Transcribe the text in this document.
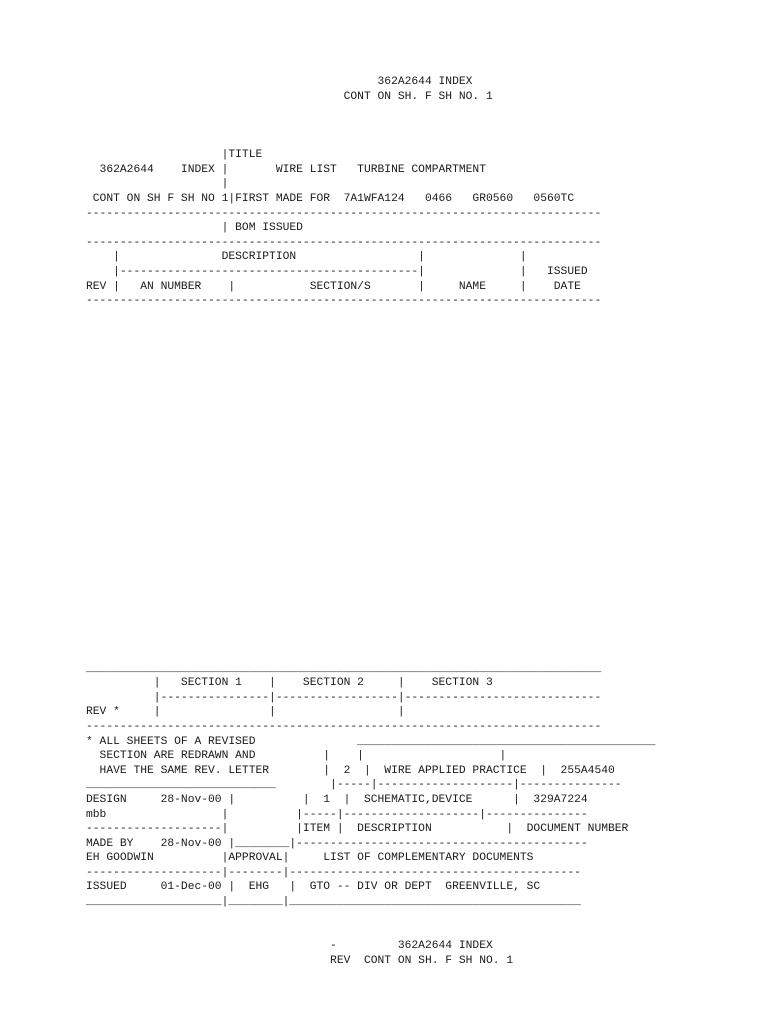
362A2644 INDEX
CONT ON SH. F SH NO. 1
|TITLE
362A2644    INDEX |       WIRE LIST   TURBINE COMPARTMENT
|
CONT ON SH F SH NO 1|FIRST MADE FOR  7A1WFA124   0466   GR0560   0560TC
----------------------------------------------------------------------------
| BOM ISSUED
----------------------------------------------------------------------------
|               DESCRIPTION                  |              |
|--------------------------------------------|              |   ISSUED
REV |   AN NUMBER    |           SECTION/S       |     NAME     |    DATE
----------------------------------------------------------------------------
____________________________________________________________________________
|   SECTION 1    |    SECTION 2     |    SECTION 3
|----------------|------------------|-----------------------------
REV *     |                |                  |
----------------------------------------------------------------------------
* ALL SHEETS OF A REVISED               ____________________________________________
SECTION ARE REDRAWN AND          |    |                    |
HAVE THE SAME REV. LETTER        |  2  |  WIRE APPLIED PRACTICE  |  255A4540
____________________________        |-----|--------------------|---------------
DESIGN     28-Nov-00 |          |  1  |  SCHEMATIC,DEVICE      |  329A7224
mbb                 |          |-----|--------------------|---------------
--------------------|          |ITEM |  DESCRIPTION           |  DOCUMENT NUMBER
MADE BY    28-Nov-00 |________|-------------------------------------------
EH GOODWIN          |APPROVAL|     LIST OF COMPLEMENTARY DOCUMENTS
--------------------|--------|-------------------------------------------
ISSUED     01-Dec-00 |  EHG   |  GTO -- DIV OR DEPT  GREENVILLE, SC
____________________|________|___________________________________________
-         362A2644 INDEX
REV  CONT ON SH. F SH NO. 1
